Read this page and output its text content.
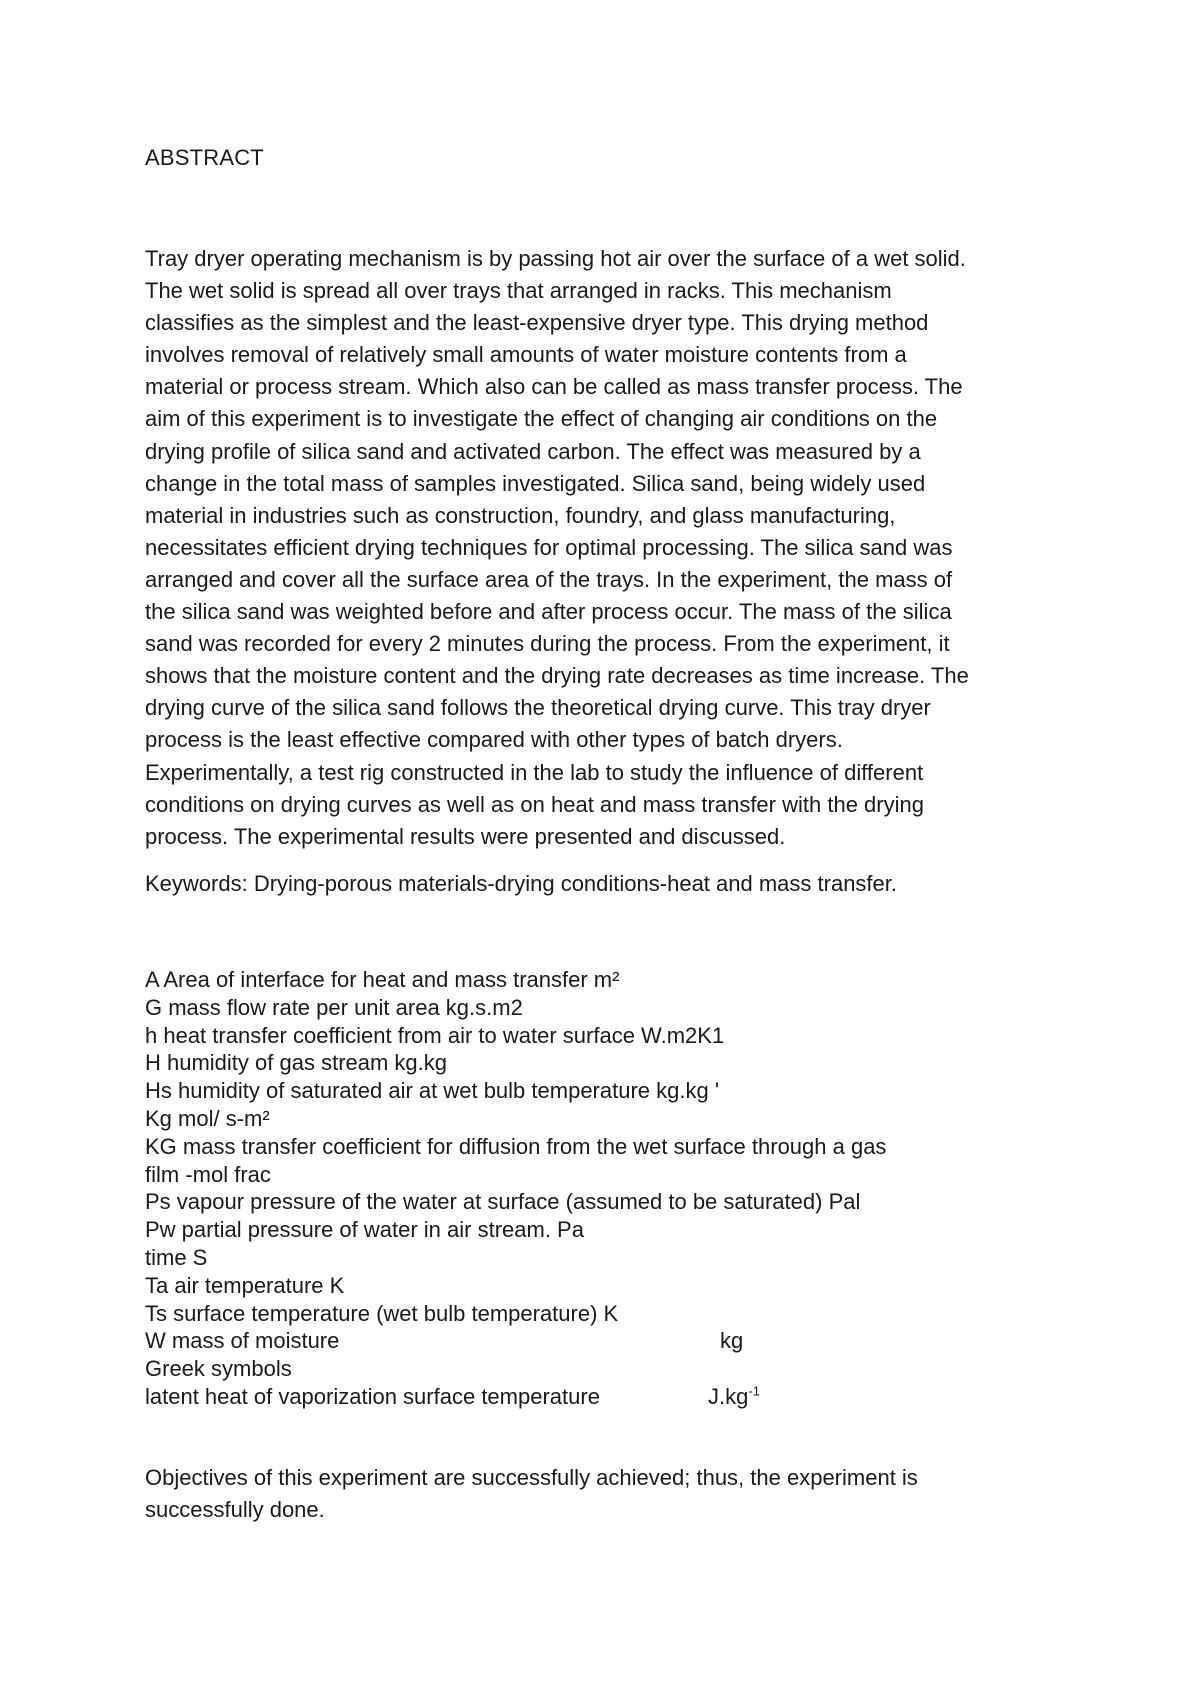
ABSTRACT

Tray dryer operating mechanism is by passing hot air over the surface of a wet solid.
The wet solid is spread all over trays that arranged in racks. This mechanism
classifies as the simplest and the least-expensive dryer type. This drying method
involves removal of relatively small amounts of water moisture contents from a
material or process stream. Which also can be called as mass transfer process. The
aim of this experiment is to investigate the effect of changing air conditions on the
drying profile of silica sand and activated carbon. The effect was measured by a
change in the total mass of samples investigated. Silica sand, being widely used
material in industries such as construction, foundry, and glass manufacturing,
necessitates efficient drying techniques for optimal processing. The silica sand was
arranged and cover all the surface area of the trays. In the experiment, the mass of
the silica sand was weighted before and after process occur. The mass of the silica
sand was recorded for every 2 minutes during the process. From the experiment, it
shows that the moisture content and the drying rate decreases as time increase. The
drying curve of the silica sand follows the theoretical drying curve. This tray dryer
process is the least effective compared with other types of batch dryers.
Experimentally, a test rig constructed in the lab to study the influence of different
conditions on drying curves as well as on heat and mass transfer with the drying
process. The experimental results were presented and discussed.

Keywords: Drying-porous materials-drying conditions-heat and mass transfer.

A Area of interface for heat and mass transfer m²
G mass flow rate per unit area kg.s.m2
h heat transfer coefficient from air to water surface W.m2K1
H humidity of gas stream kg.kg
Hs humidity of saturated air at wet bulb temperature kg.kg '
Kg mol/ s-m²
KG mass transfer coefficient for diffusion from the wet surface through a gas
film -mol frac
Ps vapour pressure of the water at surface (assumed to be saturated) Pal
Pw partial pressure of water in air stream. Pa
time S
Ta air temperature K
Ts surface temperature (wet bulb temperature) K
W mass of moisture	kg
Greek symbols
latent heat of vaporization surface temperature	$J.kg^{-1}$

Objectives of this experiment are successfully achieved; thus, the experiment is
successfully done.
